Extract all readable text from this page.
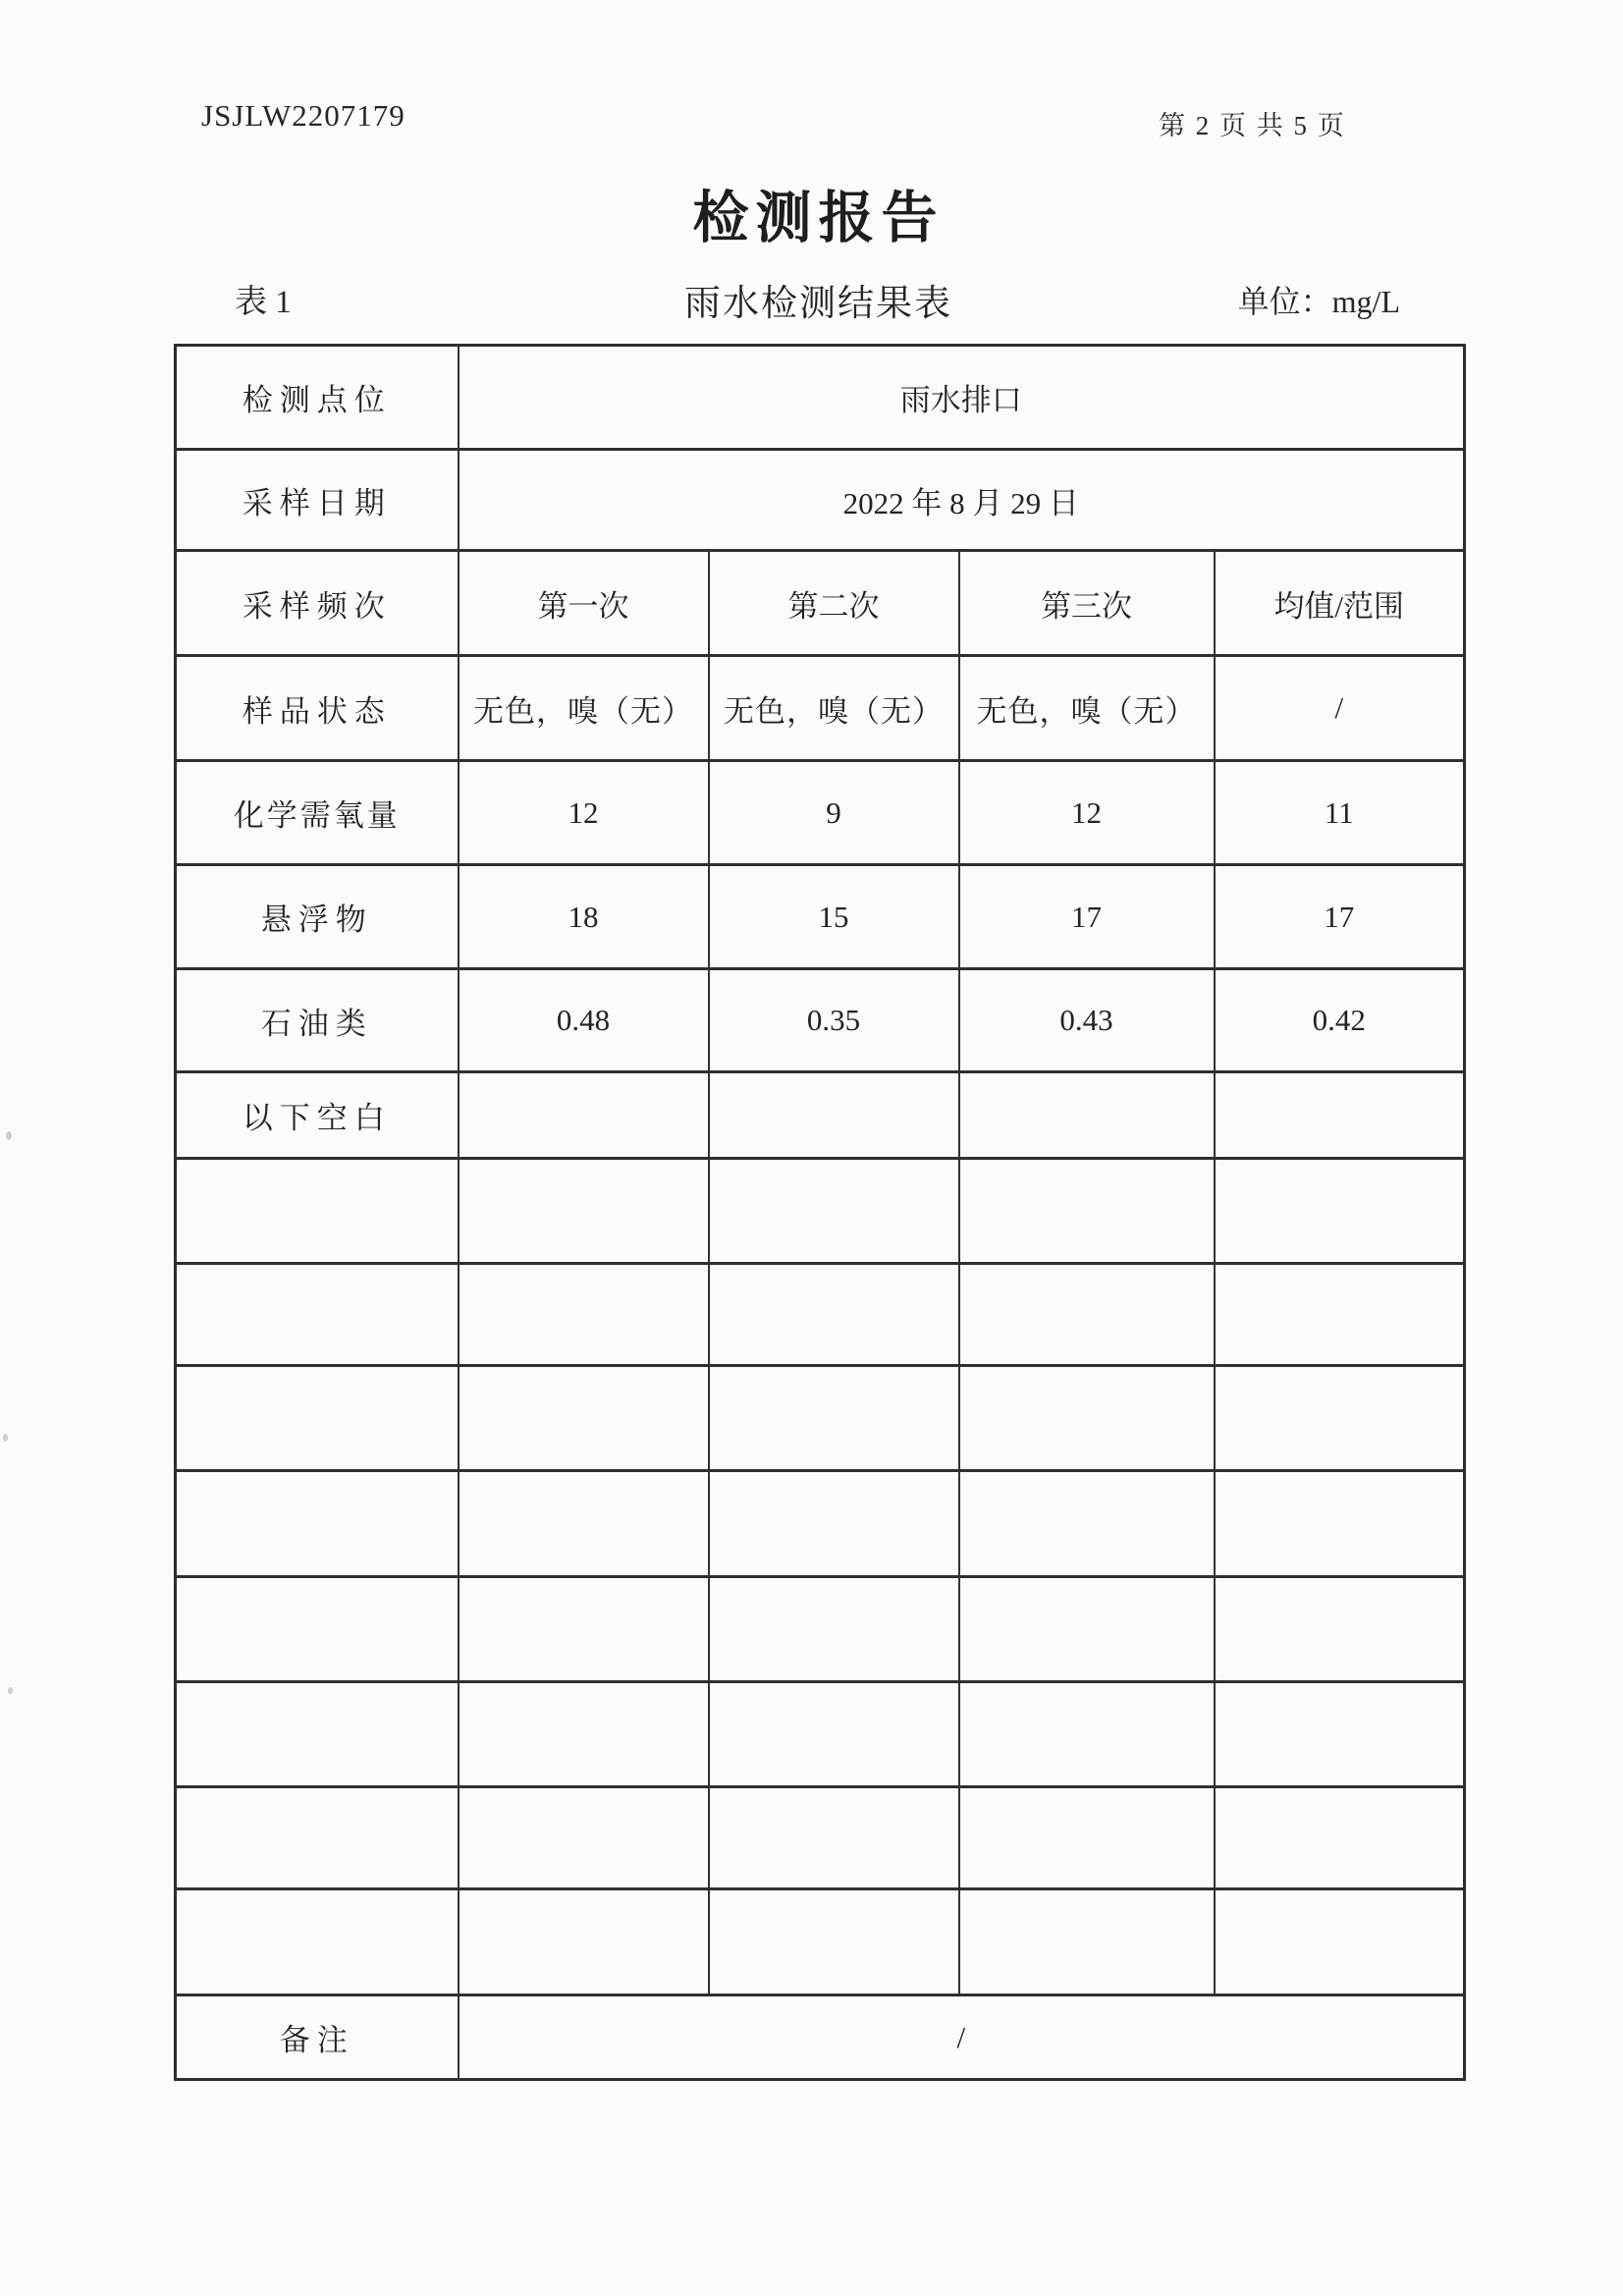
JSJLW2207179	第 2 页 共 5 页
检测报告
表 1	雨水检测结果表	单位：mg/L
检测点位	雨水排口			
采样日期	2022 年 8 月 29 日			
采样频次	第一次	第二次	第三次	均值/范围
样品状态	无色，嗅（无）	无色，嗅（无）	无色，嗅（无）	/
化学需氧量	12	9	12	11
悬浮物	18	15	17	17
石油类	0.48	0.35	0.43	0.42
以下空白				

备注	/			
